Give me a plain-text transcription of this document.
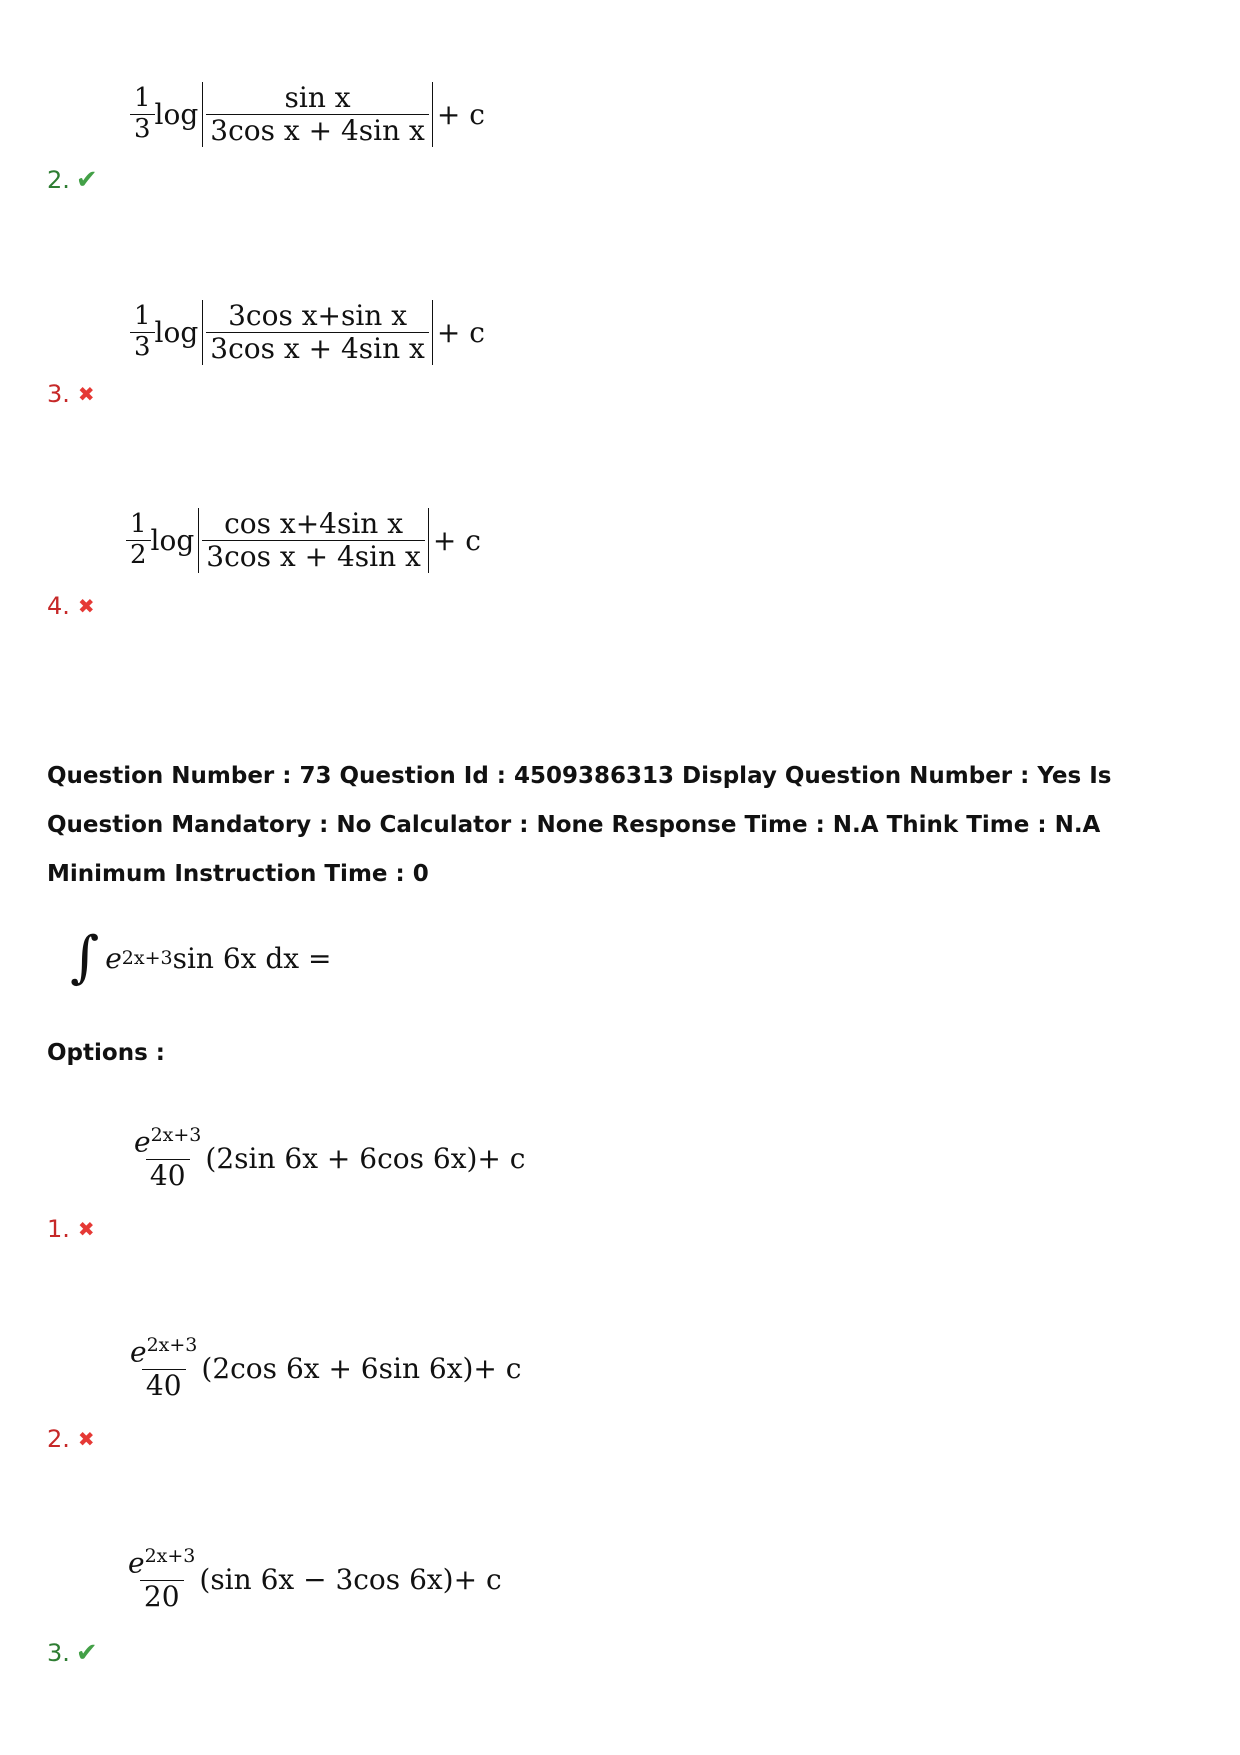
$\frac{1}{3}$ $\log \frac{\text{sin x}}{\text{3cos x + 4sin x}} + c$
2. ✔
$\frac{1}{3}$ $\log \frac{\text{3cos x+sin x}}{\text{3cos x + 4sin x}} + c$
3. ✖
$\frac{1}{2}$ $\log \frac{\text{cos x+4sin x}}{\text{3cos x + 4sin x}} + c$
4. ✖
Question Number : 73 Question Id : 4509386313 Display Question Number : Yes Is Question Mandatory : No Calculator : None Response Time : N.A Think Time : N.A Minimum Instruction Time : 0
∫ e 2x+3 sin 6x dx =
Options :
$\frac{e^{2x+3}}{40} (2\sin$ 6x + 6cos 6x)+ c
1. ✖
$\frac{e^{2x+3}}{40} (2\cos$ 6x + 6sin 6x)+ c
2. ✖
$\frac{e^{2x+3}}{20} (\sin$ 6x − 3cos 6x)+ c
3. ✔
